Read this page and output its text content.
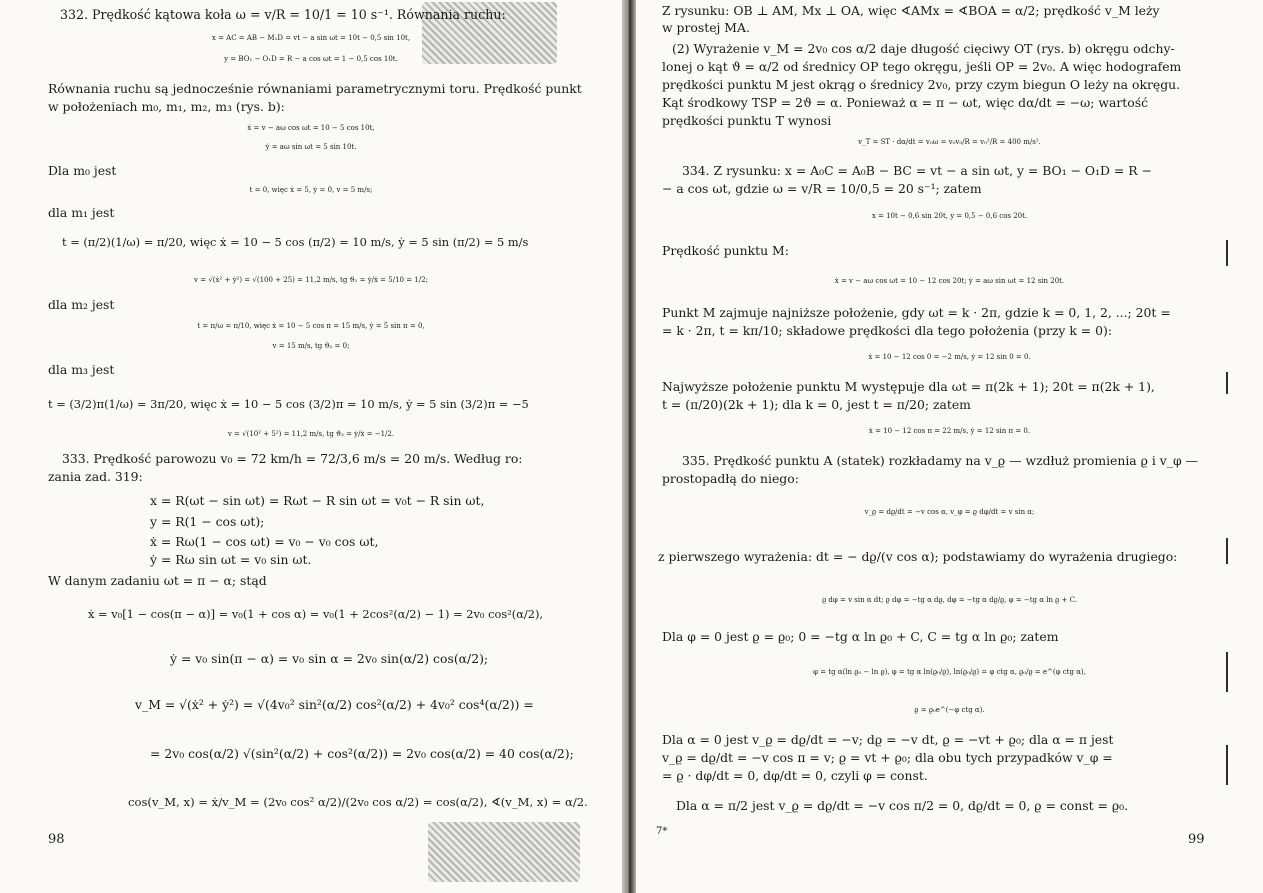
332. Prędkość kątowa koła ω = v/R = 10/1 = 10 s⁻¹. Równania ruchu:
x = AC = AB − M₁D = vt − a sin ωt = 10t − 0,5 sin 10t,
y = BO₁ − O₁D = R − a cos ωt = 1 − 0,5 cos 10t.
Równania ruchu są jednocześnie równaniami parametrycznymi toru. Prędkość punkt
w położeniach m₀, m₁, m₂, m₃ (rys. b):
ẋ = v − aω cos ωt = 10 − 5 cos 10t,
ẏ = aω sin ωt = 5 sin 10t.
Dla m₀ jest
t = 0, więc ẋ = 5, ẏ = 0, v = 5 m/s;
dla m₁ jest
t = (π/2)(1/ω) = π/20, więc ẋ = 10 − 5 cos (π/2) = 10 m/s, ẏ = 5 sin (π/2) = 5 m/s
v = √(ẋ² + ẏ²) = √(100 + 25) = 11,2 m/s, tg ϑ₁ = ẏ/ẋ = 5/10 = 1/2;
dla m₂ jest
t = π/ω = π/10, więc ẋ = 10 − 5 cos π = 15 m/s, ẏ = 5 sin π = 0,
v = 15 m/s, tg ϑ₂ = 0;
dla m₃ jest
t = (3/2)π(1/ω) = 3π/20, więc ẋ = 10 − 5 cos (3/2)π = 10 m/s, ẏ = 5 sin (3/2)π = −5
v = √(10² + 5²) = 11,2 m/s, tg ϑ₃ = ẏ/ẋ = −1/2.
333. Prędkość parowozu v₀ = 72 km/h = 72/3,6 m/s = 20 m/s. Według ro:
zania zad. 319:
x = R(ωt − sin ωt) = Rωt − R sin ωt = v₀t − R sin ωt,
y = R(1 − cos ωt);
ẋ = Rω(1 − cos ωt) = v₀ − v₀ cos ωt,
ẏ = Rω sin ωt = v₀ sin ωt.
W danym zadaniu ωt = π − α; stąd
ẋ = v₀[1 − cos(π − α)] = v₀(1 + cos α) = v₀(1 + 2cos²(α/2) − 1) = 2v₀ cos²(α/2),
ẏ = v₀ sin(π − α) = v₀ sin α = 2v₀ sin(α/2) cos(α/2);
v_M = √(ẋ² + ẏ²) = √(4v₀² sin²(α/2) cos²(α/2) + 4v₀² cos⁴(α/2)) =
= 2v₀ cos(α/2) √(sin²(α/2) + cos²(α/2)) = 2v₀ cos(α/2) = 40 cos(α/2);
cos(v_M, x) = ẋ/v_M = (2v₀ cos² α/2)/(2v₀ cos α/2) = cos(α/2), ∢(v_M, x) = α/2.
98
Z rysunku: OB ⊥ AM, Mx ⊥ OA, więc ∢AMx = ∢BOA = α/2; prędkość v_M leży
w prostej MA.
(2) Wyrażenie v_M = 2v₀ cos α/2 daje długość cięciwy OT (rys. b) okręgu odchy-
lonej o kąt ϑ = α/2 od średnicy OP tego okręgu, jeśli OP = 2v₀. A więc hodografem
prędkości punktu M jest okrąg o średnicy 2v₀, przy czym biegun O leży na okręgu.
Kąt środkowy TSP = 2ϑ = α. Ponieważ α = π − ωt, więc dα/dt = −ω; wartość
prędkości punktu T wynosi
v_T = ST · dα/dt = v₀ω = v₀v₀/R = v₀²/R = 400 m/s².
334. Z rysunku: x = A₀C = A₀B − BC = vt − a sin ωt, y = BO₁ − O₁D = R −
− a cos ωt, gdzie ω = v/R = 10/0,5 = 20 s⁻¹; zatem
x = 10t − 0,6 sin 20t, y = 0,5 − 0,6 cos 20t.
Prędkość punktu M:
ẋ = v − aω cos ωt = 10 − 12 cos 20t; ẏ = aω sin ωt = 12 sin 20t.
Punkt M zajmuje najniższe położenie, gdy ωt = k · 2π, gdzie k = 0, 1, 2, ...; 20t =
= k · 2π, t = kπ/10; składowe prędkości dla tego położenia (przy k = 0):
ẋ = 10 − 12 cos 0 = −2 m/s, ẏ = 12 sin 0 = 0.
Najwyższe położenie punktu M występuje dla ωt = π(2k + 1); 20t = π(2k + 1),
t = (π/20)(2k + 1); dla k = 0, jest t = π/20; zatem
ẋ = 10 − 12 cos π = 22 m/s, ẏ = 12 sin π = 0.
335. Prędkość punktu A (statek) rozkładamy na v_ϱ — wzdłuż promienia ϱ i v_φ —
prostopadłą do niego:
v_ϱ = dϱ/dt = −v cos α, v_φ = ϱ dφ/dt = v sin α;
z pierwszego wyrażenia: dt = − dϱ/(v cos α); podstawiamy do wyrażenia drugiego:
ϱ dφ = v sin α dt; ϱ dφ = −tg α dϱ, dφ = −tg α dϱ/ϱ, φ = −tg α ln ϱ + C.
Dla φ = 0 jest ϱ = ϱ₀; 0 = −tg α ln ϱ₀ + C, C = tg α ln ϱ₀; zatem
φ = tg α(ln ϱ₀ − ln ϱ), φ = tg α ln(ϱ₀/ϱ), ln(ϱ₀/ϱ) = φ ctg α, ϱ₀/ϱ = e^(φ ctg α),
ϱ = ϱ₀e^(−φ ctg α).
Dla α = 0 jest v_ϱ = dϱ/dt = −v; dϱ = −v dt, ϱ = −vt + ϱ₀; dla α = π jest
v_ϱ = dϱ/dt = −v cos π = v; ϱ = vt + ϱ₀; dla obu tych przypadków v_φ =
= ϱ · dφ/dt = 0, dφ/dt = 0, czyli φ = const.
Dla α = π/2 jest v_ϱ = dϱ/dt = −v cos π/2 = 0, dϱ/dt = 0, ϱ = const = ϱ₀.
7*
99
